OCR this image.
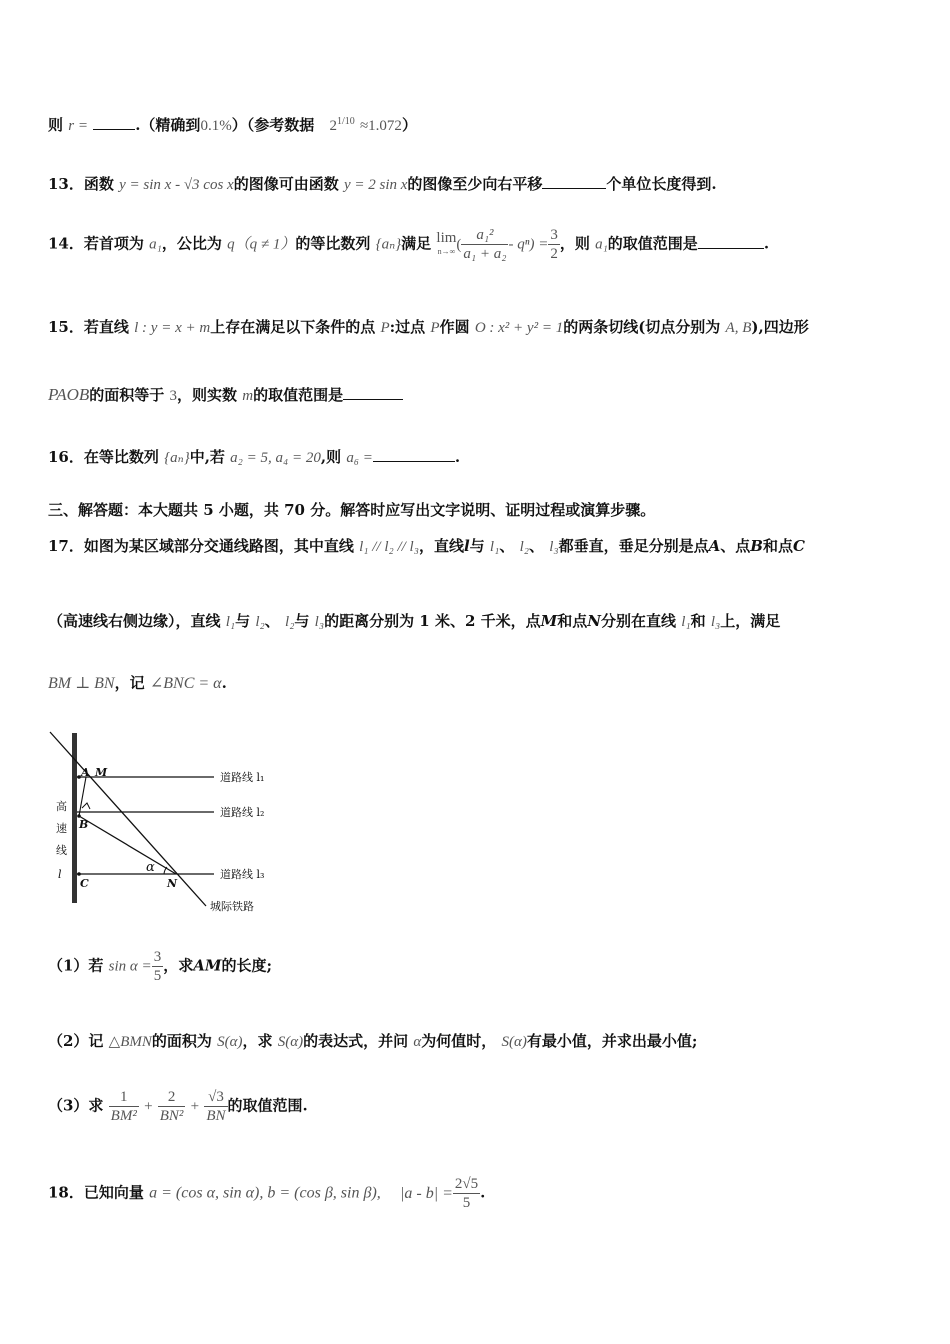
则 r =	.（精确到0.1%）（参考数据 $2^{1/10} \approx 1.072$）
13．函数 y = sin x - √3 cos x的图像可由函数 y = 2 sin x的图像至少向右平移	个单位长度得到.
14．若首项为 a₁，公比为 q（q ≠ 1）的等比数列 {aₙ}满足 lim
$n\to\infty( \frac{\text{a₁²}}{\text{a₁ + a₂}} - q^n) = \frac{3}{2}$ ，则 a₁的取值范围是	.
15．若直线 l : y = x + m上存在满足以下条件的点 P:过点 P作圆 O : x² + y² = 1的两条切线(切点分别为 A, B),四边形
PAOB的面积等于 3，则实数 m的取值范围是
16．在等比数列 {aₙ}中,若 a₂ = 5, a₄ = 20,则 a₆ =	.
三、解答题：本大题共 5 小题，共 70 分。解答时应写出文字说明、证明过程或演算步骤。
17．如图为某区域部分交通线路图，其中直线 l₁ // l₂ // l₃，直线l与 l₁、 l₂、 l₃都垂直，垂足分别是点A、点B和点C
（高速线右侧边缘），直线 l₁与 l₂、 l₂与 l₃的距离分别为 1 米、2 千米，点M和点N分别在直线 l₁和 l₃上，满足
BM ⊥ BN，记 ∠BNC = α.
A M
B
C	N
α
道路线 l₁
道路线 l₂
道路线 l₃
高
速
线
l
城际铁路
（1）若 $\sin \alpha = \frac{3}{5}$ ，求AM的长度;
（2）记 △BMN的面积为 S(α)，求 S(α)的表达式，并问 α为何值时， S(α)有最小值，并求出最小值;
（3）求 $\frac{1}{\text{BM²}} + \frac{2}{\text{BN²}} + \frac{√3}{BN}$ 的取值范围.
18．已知向量 a = (cos α, sin α), b = (cos β, sin β), $|a - b| = \frac{2√5}{5}$ .
